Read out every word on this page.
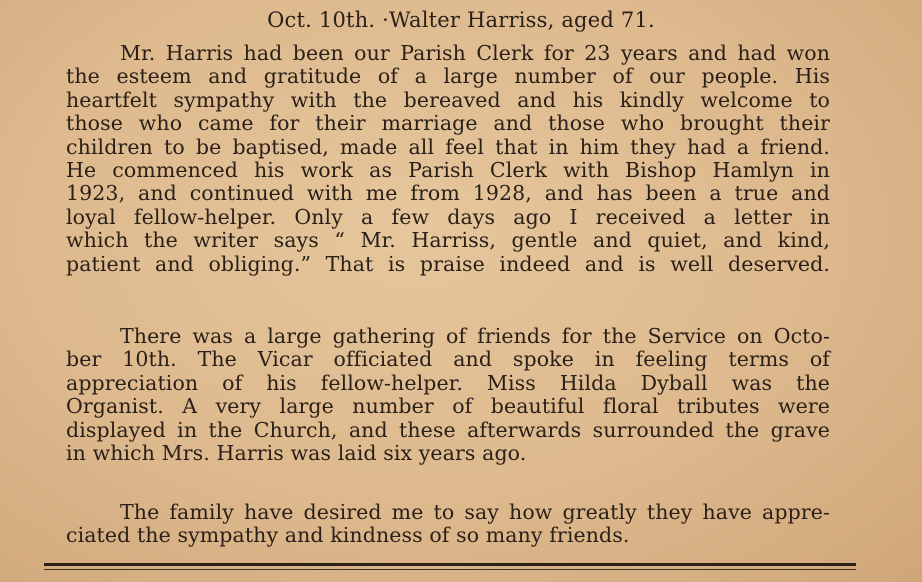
Oct. 10th. ·Walter Harriss, aged 71.

Mr. Harris had been our Parish Clerk for 23 years and had won
the esteem and gratitude of a large number of our people. His
heartfelt sympathy with the bereaved and his kindly welcome to
those who came for their marriage and those who brought their
children to be baptised, made all feel that in him they had a friend.
He commenced his work as Parish Clerk with Bishop Hamlyn in
1923, and continued with me from 1928, and has been a true and
loyal fellow-helper. Only a few days ago I received a letter in
which the writer says “ Mr. Harriss, gentle and quiet, and kind,
patient and obliging.” That is praise indeed and is well deserved.

There was a large gathering of friends for the Service on Octo-
ber 10th. The Vicar officiated and spoke in feeling terms of
appreciation of his fellow-helper. Miss Hilda Dyball was the
Organist. A very large number of beautiful floral tributes were
displayed in the Church, and these afterwards surrounded the grave
in which Mrs. Harris was laid six years ago.

The family have desired me to say how greatly they have appre-
ciated the sympathy and kindness of so many friends.
